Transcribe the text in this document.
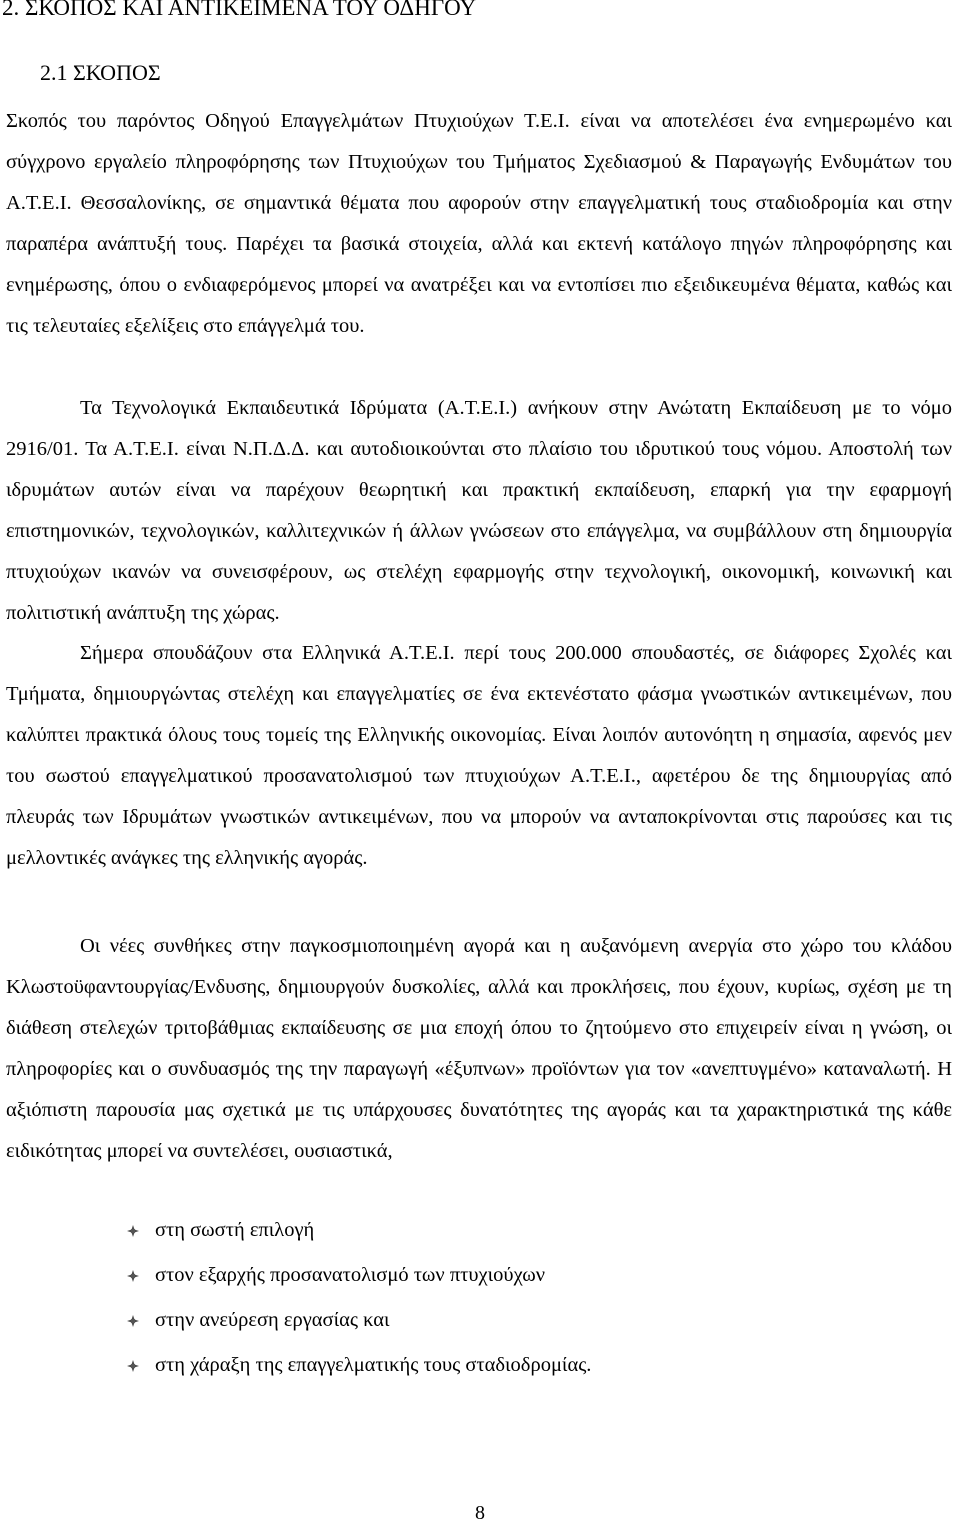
2. ΣΚΟΠΟΣ ΚΑΙ ΑΝΤΙΚΕΙΜΕΝΑ ΤΟΥ ΟΔΗΓΟΥ
2.1 ΣΚΟΠΟΣ

Σκοπός του παρόντος Οδηγού Επαγγελμάτων Πτυχιούχων Τ.Ε.Ι. είναι να αποτελέσει ένα ενημερωμένο και σύγχρονο εργαλείο πληροφόρησης των Πτυχιούχων του Τμήματος Σχεδιασμού & Παραγωγής Ενδυμάτων του Α.Τ.Ε.Ι. Θεσσαλονίκης, σε σημαντικά θέματα που αφορούν στην επαγγελματική τους σταδιοδρομία και στην παραπέρα ανάπτυξή τους. Παρέχει τα βασικά στοιχεία, αλλά και εκτενή κατάλογο πηγών πληροφόρησης και ενημέρωσης, όπου ο ενδιαφερόμενος μπορεί να ανατρέξει και να εντοπίσει πιο εξειδικευμένα θέματα, καθώς και τις τελευταίες εξελίξεις στο επάγγελμά του.

Τα Τεχνολογικά Εκπαιδευτικά Ιδρύματα (Α.Τ.Ε.Ι.) ανήκουν στην Ανώτατη Εκπαίδευση με το νόμο 2916/01. Τα Α.Τ.Ε.Ι. είναι Ν.Π.Δ.Δ. και αυτοδιοικούνται στο πλαίσιο του ιδρυτικού τους νόμου. Αποστολή των ιδρυμάτων αυτών είναι να παρέχουν θεωρητική και πρακτική εκπαίδευση, επαρκή για την εφαρμογή επιστημονικών, τεχνολογικών, καλλιτεχνικών ή άλλων γνώσεων στο επάγγελμα, να συμβάλλουν στη δημιουργία πτυχιούχων ικανών να συνεισφέρουν, ως στελέχη εφαρμογής στην τεχνολογική, οικονομική, κοινωνική και πολιτιστική ανάπτυξη της χώρας.

Σήμερα σπουδάζουν στα Ελληνικά Α.Τ.Ε.Ι. περί τους 200.000 σπουδαστές, σε διάφορες Σχολές και Τμήματα, δημιουργώντας στελέχη και επαγγελματίες σε ένα εκτενέστατο φάσμα γνωστικών αντικειμένων, που καλύπτει πρακτικά όλους τους τομείς της Ελληνικής οικονομίας. Είναι λοιπόν αυτονόητη η σημασία, αφενός μεν του σωστού επαγγελματικού προσανατολισμού των πτυχιούχων Α.Τ.Ε.Ι., αφετέρου δε της δημιουργίας από πλευράς των Ιδρυμάτων γνωστικών αντικειμένων, που να μπορούν να ανταποκρίνονται στις παρούσες και τις μελλοντικές ανάγκες της ελληνικής αγοράς.

Οι νέες συνθήκες στην παγκοσμιοποιημένη αγορά και η αυξανόμενη ανεργία στο χώρο του κλάδου Κλωστοϋφαντουργίας/Ενδυσης, δημιουργούν δυσκολίες, αλλά και προκλήσεις, που έχουν, κυρίως, σχέση με τη διάθεση στελεχών τριτοβάθμιας εκπαίδευσης σε μια εποχή όπου το ζητούμενο στο επιχειρείν είναι η γνώση, οι πληροφορίες και ο συνδυασμός της την παραγωγή «έξυπνων» προϊόντων για τον «ανεπτυγμένο» καταναλωτή. Η αξιόπιστη παρουσία μας σχετικά με τις υπάρχουσες δυνατότητες της αγοράς και τα χαρακτηριστικά της κάθε ειδικότητας μπορεί να συντελέσει, ουσιαστικά,

στη σωστή επιλογή
στον εξαρχής προσανατολισμό των πτυχιούχων
στην ανεύρεση εργασίας και
στη χάραξη της επαγγελματικής τους σταδιοδρομίας.
8
